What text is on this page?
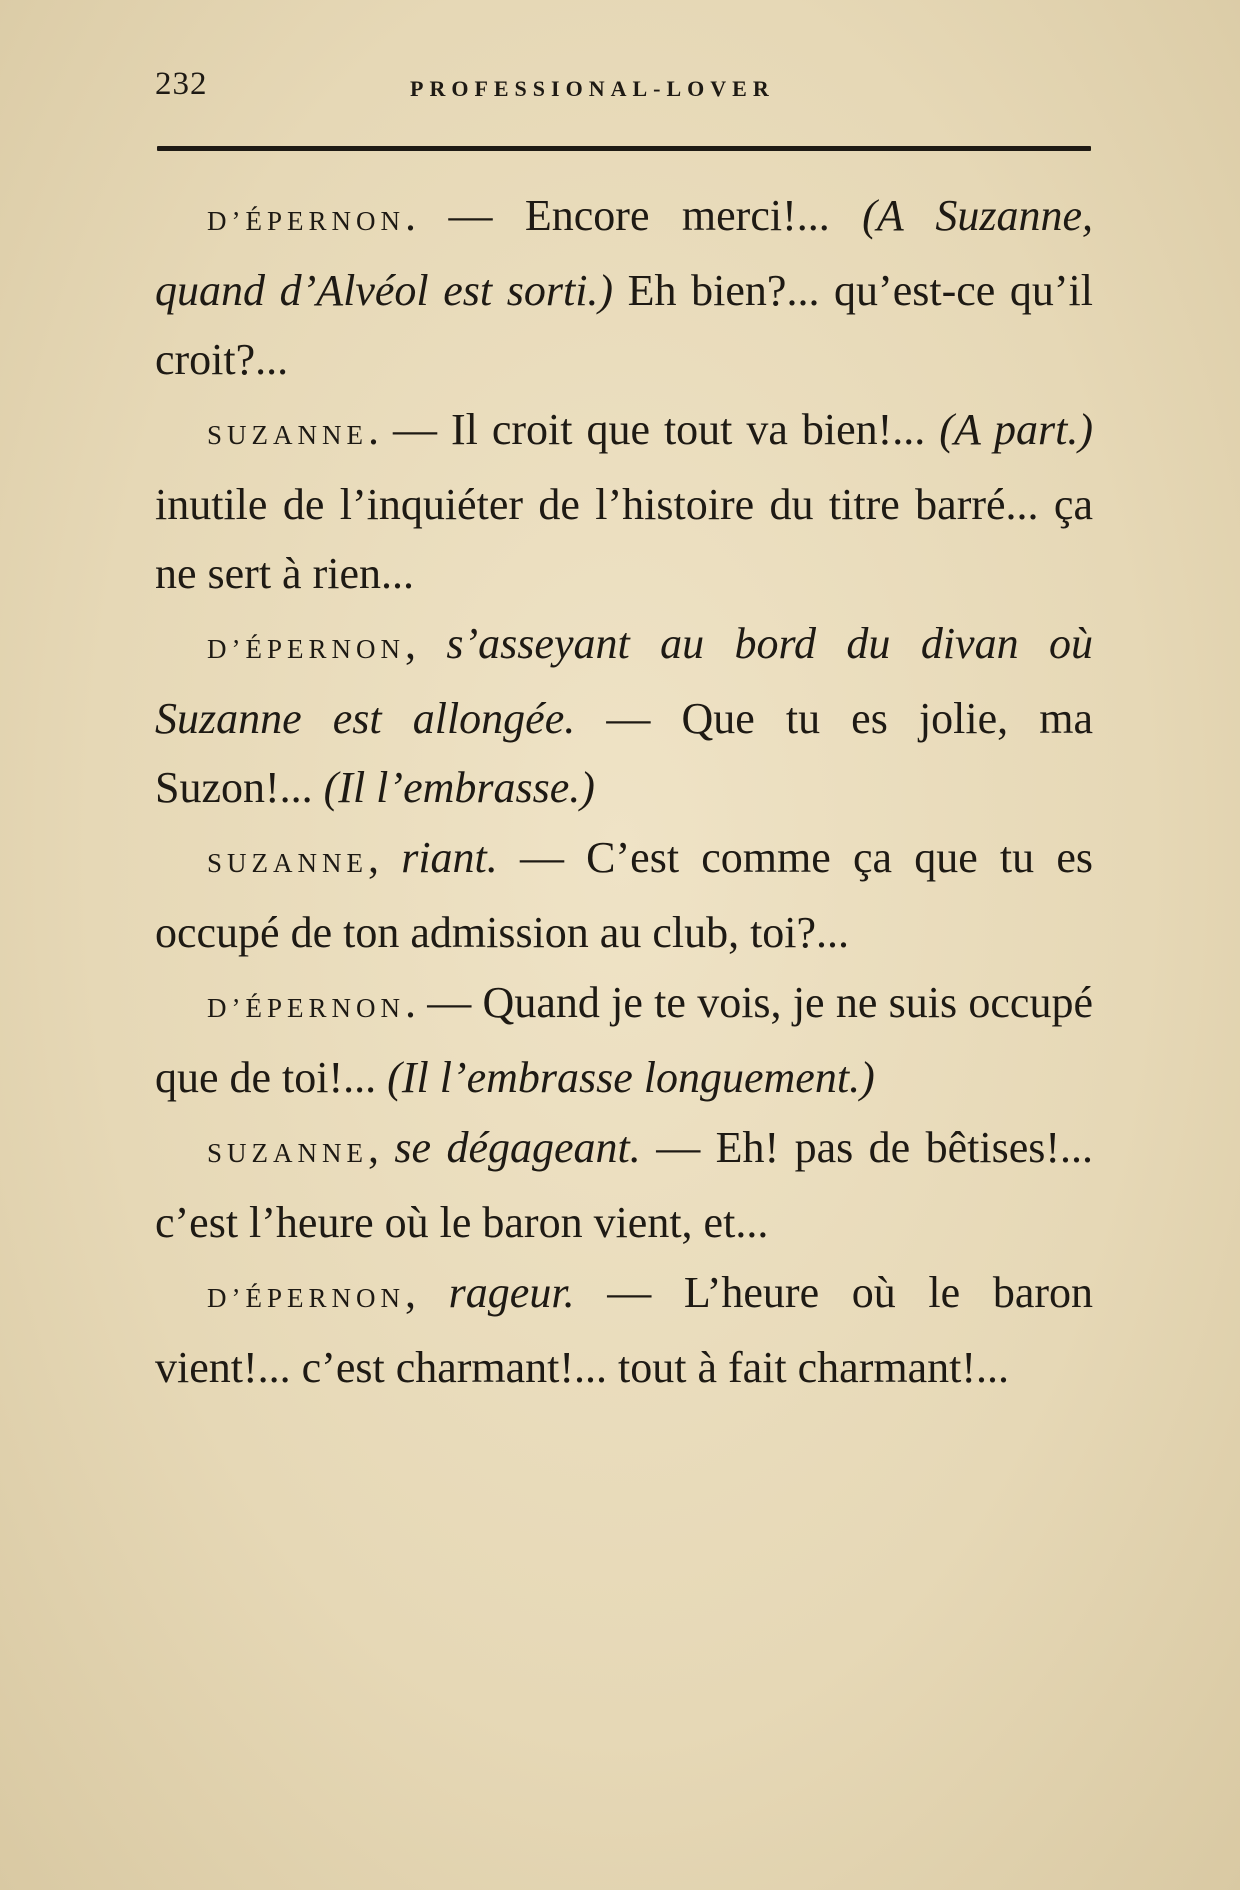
232	PROFESSIONAL-LOVER

D’ÉPERNON. — Encore merci!... (A Suzanne, quand d’Alvéol est sorti.) Eh bien?... qu’est-ce qu’il croit?...

SUZANNE. — Il croit que tout va bien!... (A part.) inutile de l’inquiéter de l’histoire du titre barré... ça ne sert à rien...

D’ÉPERNON, s’asseyant au bord du divan où Suzanne est allongée. — Que tu es jolie, ma Suzon!... (Il l’embrasse.)

SUZANNE, riant. — C’est comme ça que tu es occupé de ton admission au club, toi?...

D’ÉPERNON. — Quand je te vois, je ne suis occupé que de toi!... (Il l’embrasse longuement.)

SUZANNE, se dégageant. — Eh! pas de bêtises!... c’est l’heure où le baron vient, et...

D’ÉPERNON, rageur. — L’heure où le baron vient!... c’est charmant!... tout à fait charmant!...
